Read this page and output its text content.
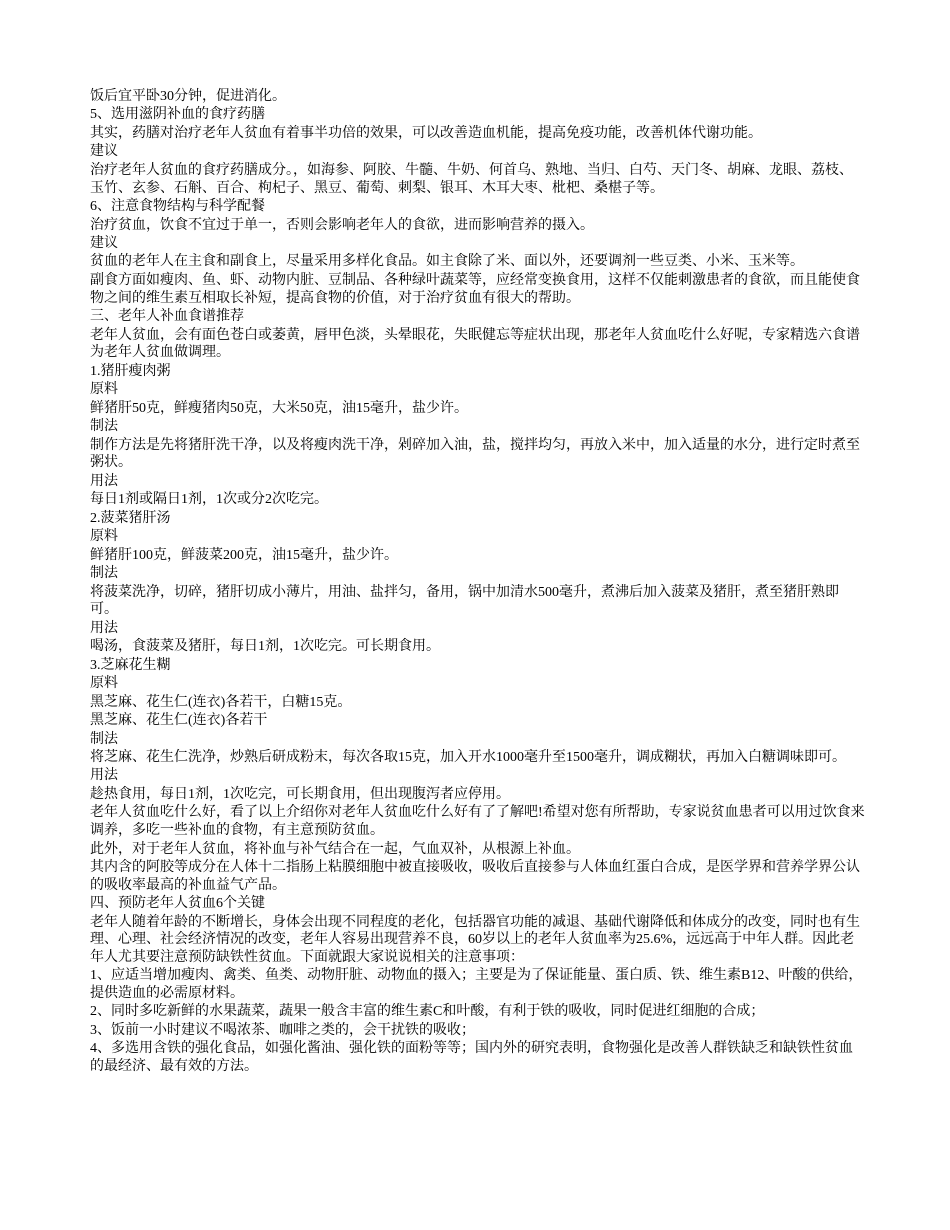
饭后宜平卧30分钟，促进消化。

5、选用滋阴补血的食疗药膳

其实，药膳对治疗老年人贫血有着事半功倍的效果，可以改善造血机能，提高免疫功能，改善机体代谢功能。

建议

治疗老年人贫血的食疗药膳成分。，如海参、阿胶、牛髓、牛奶、何首乌、熟地、当归、白芍、天门冬、胡麻、龙眼、荔枝、玉竹、玄参、石斛、百合、枸杞子、黑豆、葡萄、刺梨、银耳、木耳大枣、枇杷、桑椹子等。

6、注意食物结构与科学配餐

治疗贫血，饮食不宜过于单一，否则会影响老年人的食欲，进而影响营养的摄入。

建议

贫血的老年人在主食和副食上，尽量采用多样化食品。如主食除了米、面以外，还要调剂一些豆类、小米、玉米等。

副食方面如瘦肉、鱼、虾、动物内脏、豆制品、各种绿叶蔬菜等，应经常变换食用，这样不仅能刺激患者的食欲，而且能使食物之间的维生素互相取长补短，提高食物的价值，对于治疗贫血有很大的帮助。

三、老年人补血食谱推荐

老年人贫血，会有面色苍白或萎黄，唇甲色淡，头晕眼花，失眠健忘等症状出现，那老年人贫血吃什么好呢，专家精选六食谱为老年人贫血做调理。

1.猪肝瘦肉粥

原料

鲜猪肝50克，鲜瘦猪肉50克，大米50克，油15毫升，盐少许。

制法

制作方法是先将猪肝洗干净，以及将瘦肉洗干净，剁碎加入油，盐，搅拌均匀，再放入米中，加入适量的水分，进行定时煮至粥状。

用法

每日1剂或隔日1剂，1次或分2次吃完。

2.菠菜猪肝汤

原料

鲜猪肝100克，鲜菠菜200克，油15毫升，盐少许。

制法

将菠菜洗净，切碎，猪肝切成小薄片，用油、盐拌匀，备用，锅中加清水500毫升，煮沸后加入菠菜及猪肝，煮至猪肝熟即可。

用法

喝汤，食菠菜及猪肝，每日1剂，1次吃完。可长期食用。

3.芝麻花生糊

原料

黑芝麻、花生仁(连衣)各若干，白糖15克。

黑芝麻、花生仁(连衣)各若干

制法

将芝麻、花生仁洗净，炒熟后研成粉末，每次各取15克，加入开水1000毫升至1500毫升，调成糊状，再加入白糖调味即可。

用法

趁热食用，每日1剂，1次吃完，可长期食用，但出现腹泻者应停用。

老年人贫血吃什么好，看了以上介绍你对老年人贫血吃什么好有了了解吧!希望对您有所帮助，专家说贫血患者可以用过饮食来调养，多吃一些补血的食物，有主意预防贫血。

此外，对于老年人贫血，将补血与补气结合在一起，气血双补，从根源上补血。

其内含的阿胶等成分在人体十二指肠上粘膜细胞中被直接吸收，吸收后直接参与人体血红蛋白合成，是医学界和营养学界公认的吸收率最高的补血益气产品。

四、预防老年人贫血6个关键

老年人随着年龄的不断增长，身体会出现不同程度的老化，包括器官功能的减退、基础代谢降低和体成分的改变，同时也有生理、心理、社会经济情况的改变，老年人容易出现营养不良，60岁以上的老年人贫血率为25.6%，远远高于中年人群。因此老年人尤其要注意预防缺铁性贫血。下面就跟大家说说相关的注意事项：

1、应适当增加瘦肉、禽类、鱼类、动物肝脏、动物血的摄入；主要是为了保证能量、蛋白质、铁、维生素B12、叶酸的供给，提供造血的必需原材料。

2、同时多吃新鲜的水果蔬菜，蔬果一般含丰富的维生素C和叶酸，有利于铁的吸收，同时促进红细胞的合成；

3、饭前一小时建议不喝浓茶、咖啡之类的，会干扰铁的吸收；

4、多选用含铁的强化食品，如强化酱油、强化铁的面粉等等；国内外的研究表明，食物强化是改善人群铁缺乏和缺铁性贫血的最经济、最有效的方法。
